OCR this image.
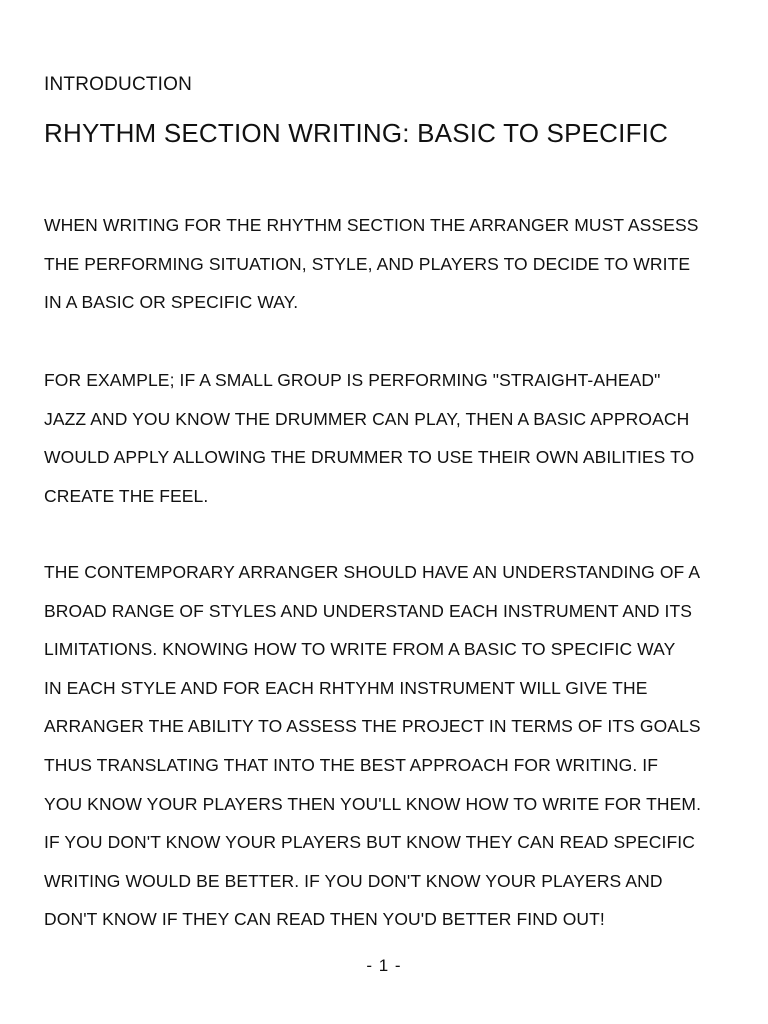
INTRODUCTION
RHYTHM SECTION WRITING: BASIC TO SPECIFIC
WHEN WRITING FOR THE RHYTHM SECTION THE ARRANGER MUST ASSESS
THE PERFORMING SITUATION, STYLE, AND PLAYERS TO DECIDE TO WRITE
IN A BASIC OR SPECIFIC WAY.
FOR EXAMPLE; IF A SMALL GROUP IS PERFORMING "STRAIGHT-AHEAD"
JAZZ AND YOU KNOW THE DRUMMER CAN PLAY, THEN A BASIC APPROACH
WOULD APPLY ALLOWING THE DRUMMER TO USE THEIR OWN ABILITIES TO
CREATE THE FEEL.
THE CONTEMPORARY ARRANGER SHOULD HAVE AN UNDERSTANDING OF A
BROAD RANGE OF STYLES AND UNDERSTAND EACH INSTRUMENT AND ITS
LIMITATIONS. KNOWING HOW TO WRITE FROM A BASIC TO SPECIFIC WAY
IN EACH STYLE AND FOR EACH RHTYHM INSTRUMENT WILL GIVE THE
ARRANGER THE ABILITY TO ASSESS THE PROJECT IN TERMS OF ITS GOALS
THUS TRANSLATING THAT INTO THE BEST APPROACH FOR WRITING. IF
YOU KNOW YOUR PLAYERS THEN YOU'LL KNOW HOW TO WRITE FOR THEM.
IF YOU DON'T KNOW YOUR PLAYERS BUT KNOW THEY CAN READ SPECIFIC
WRITING WOULD BE BETTER. IF YOU DON'T KNOW YOUR PLAYERS AND
DON'T KNOW IF THEY CAN READ THEN YOU'D BETTER FIND OUT!
- 1 -
